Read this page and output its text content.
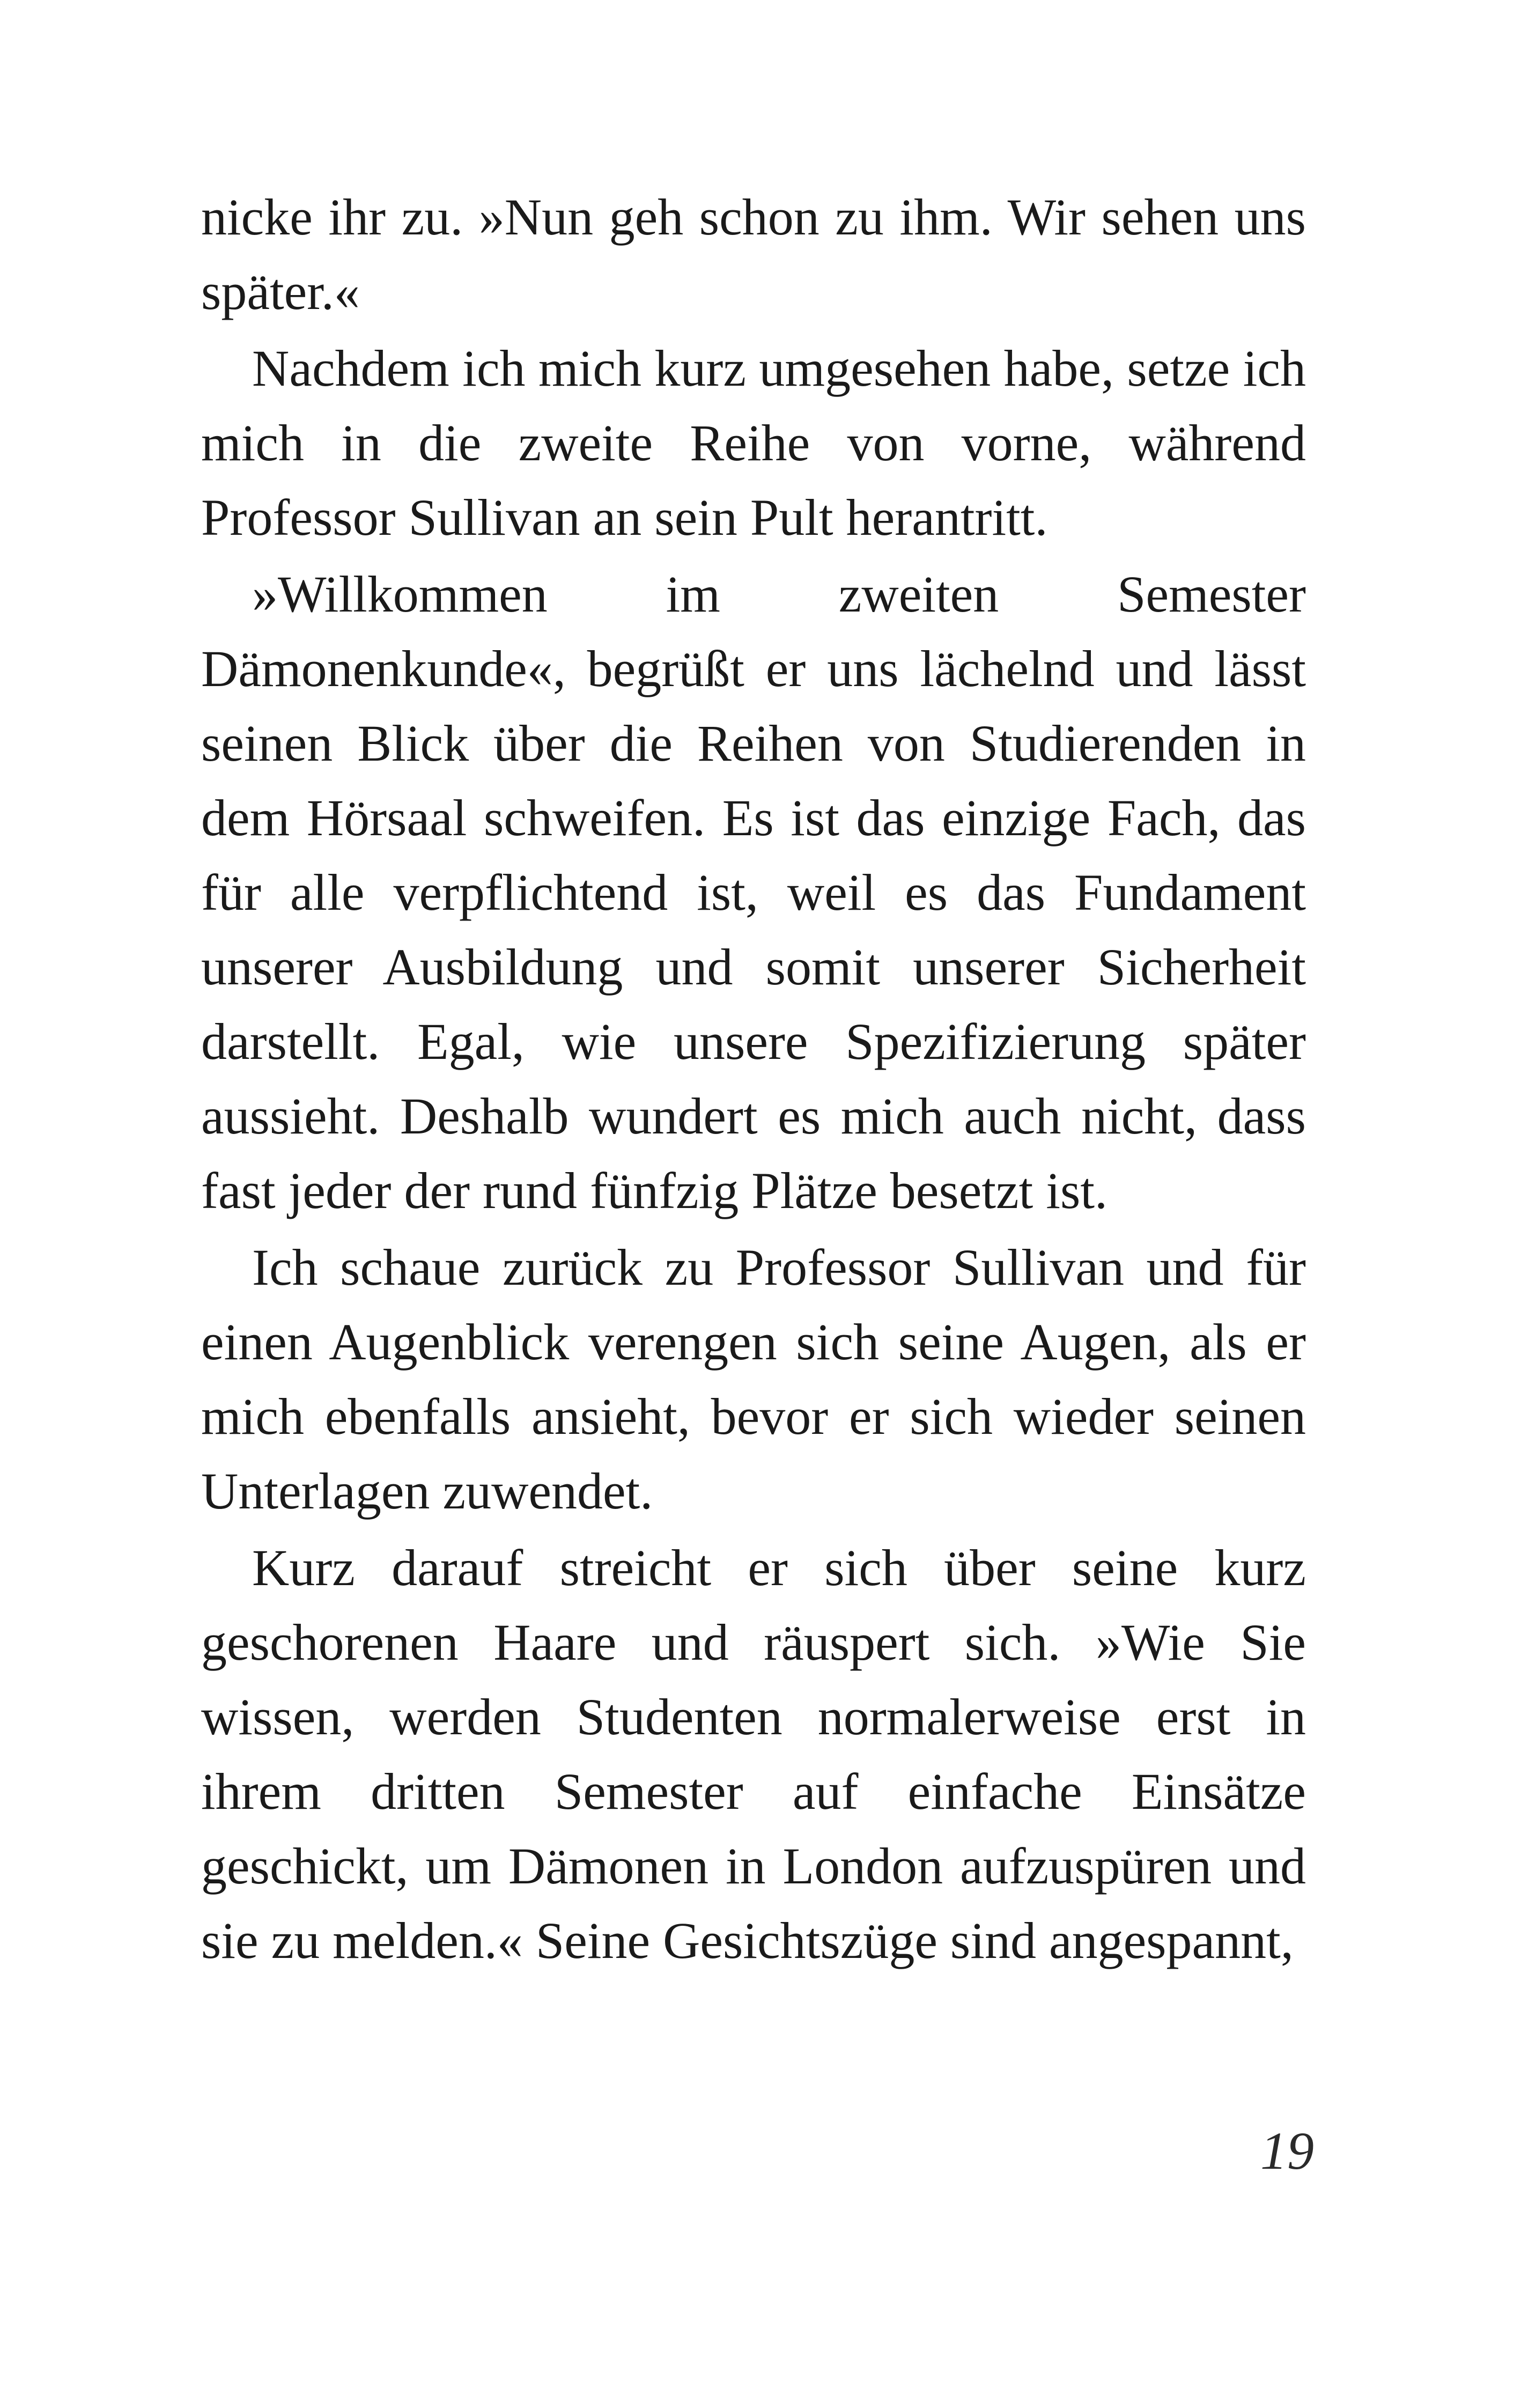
nicke ihr zu. »Nun geh schon zu ihm. Wir sehen uns später.«

Nachdem ich mich kurz umgesehen habe, setze ich mich in die zweite Reihe von vorne, während Professor Sullivan an sein Pult herantritt.

»Willkommen im zweiten Semester Dämonenkunde«, begrüßt er uns lächelnd und lässt seinen Blick über die Reihen von Studierenden in dem Hörsaal schweifen. Es ist das einzige Fach, das für alle verpflichtend ist, weil es das Fundament unserer Ausbildung und somit unserer Sicherheit darstellt. Egal, wie unsere Spezifizierung später aussieht. Deshalb wundert es mich auch nicht, dass fast jeder der rund fünfzig Plätze besetzt ist.

Ich schaue zurück zu Professor Sullivan und für einen Augenblick verengen sich seine Augen, als er mich ebenfalls ansieht, bevor er sich wieder seinen Unterlagen zuwendet.

Kurz darauf streicht er sich über seine kurz geschorenen Haare und räuspert sich. »Wie Sie wissen, werden Studenten normalerweise erst in ihrem dritten Semester auf einfache Einsätze geschickt, um Dämonen in London aufzuspüren und sie zu melden.« Seine Gesichtszüge sind angespannt,

19
